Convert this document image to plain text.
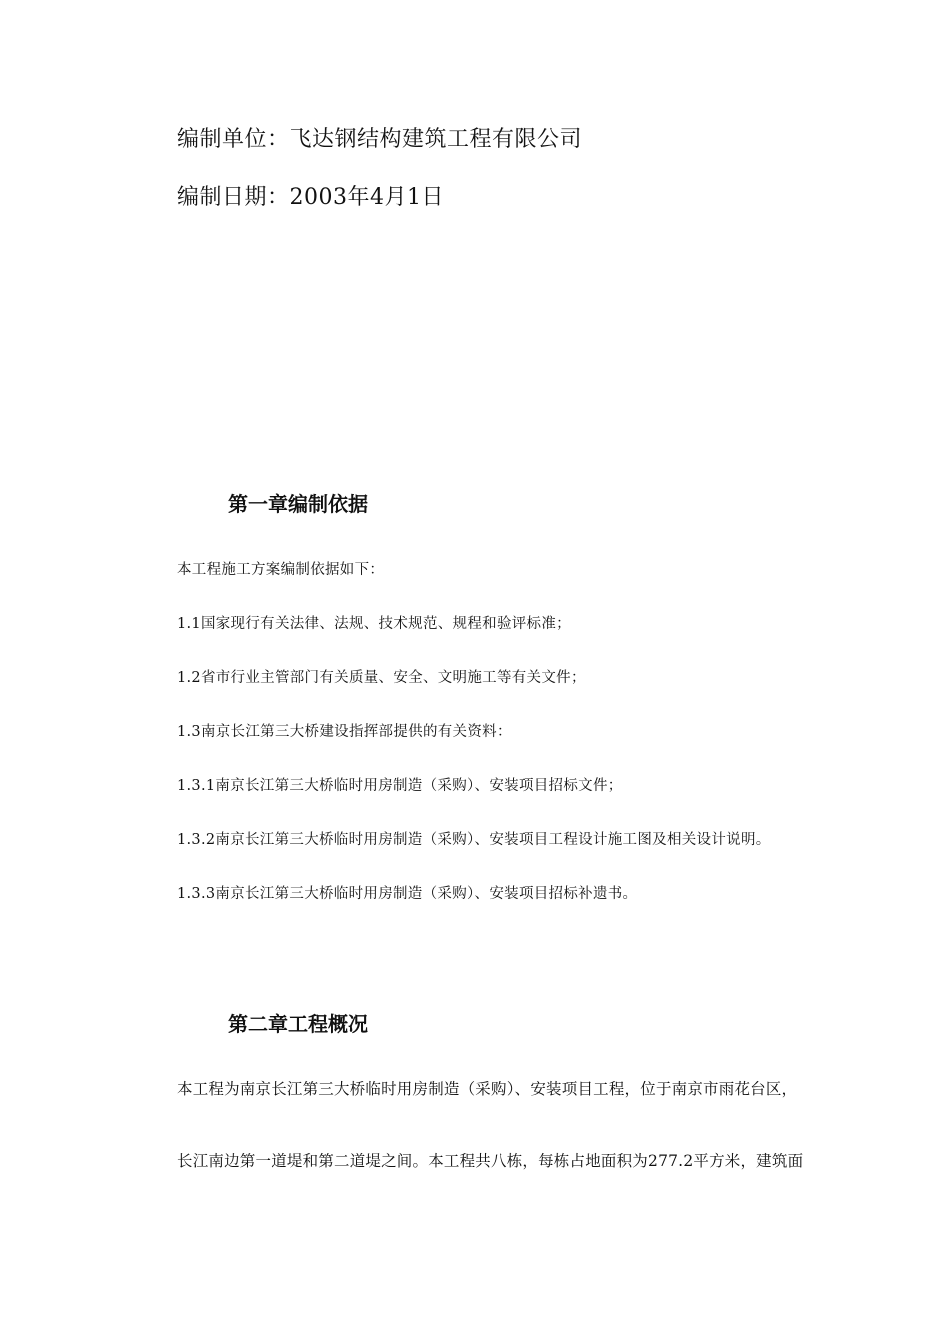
编制单位：飞达钢结构建筑工程有限公司
编制日期：2003年4月1日
第一章编制依据
本工程施工方案编制依据如下：
1.1国家现行有关法律、法规、技术规范、规程和验评标准；
1.2省市行业主管部门有关质量、安全、文明施工等有关文件；
1.3南京长江第三大桥建设指挥部提供的有关资料：
1.3.1南京长江第三大桥临时用房制造（采购）、安装项目招标文件；
1.3.2南京长江第三大桥临时用房制造（采购）、安装项目工程设计施工图及相关设计说明。
1.3.3南京长江第三大桥临时用房制造（采购）、安装项目招标补遗书。
第二章工程概况
本工程为南京长江第三大桥临时用房制造（采购）、安装项目工程，位于南京市雨花台区，
长江南边第一道堤和第二道堤之间。本工程共八栋，每栋占地面积为277.2平方米，建筑面
